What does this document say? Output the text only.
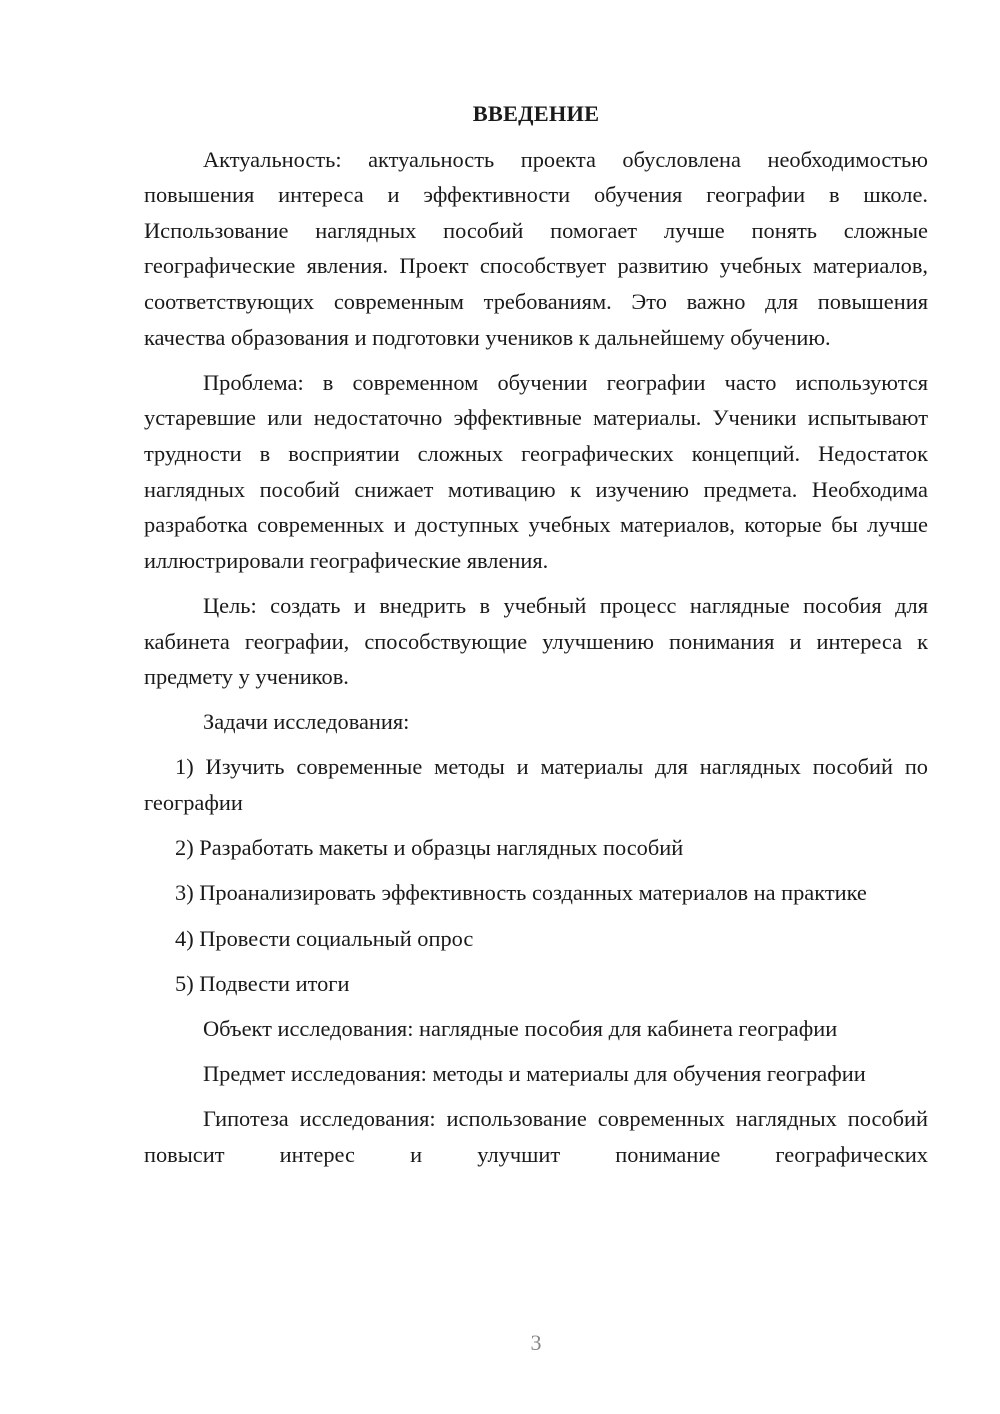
ВВЕДЕНИЕ

Актуальность: актуальность проекта обусловлена необходимостью повышения интереса и эффективности обучения географии в школе. Использование наглядных пособий помогает лучше понять сложные географические явления. Проект способствует развитию учебных материалов, соответствующих современным требованиям. Это важно для повышения качества образования и подготовки учеников к дальнейшему обучению.

Проблема: в современном обучении географии часто используются устаревшие или недостаточно эффективные материалы. Ученики испытывают трудности в восприятии сложных географических концепций. Недостаток наглядных пособий снижает мотивацию к изучению предмета. Необходима разработка современных и доступных учебных материалов, которые бы лучше иллюстрировали географические явления.

Цель: создать и внедрить в учебный процесс наглядные пособия для кабинета географии, способствующие улучшению понимания и интереса к предмету у учеников.

Задачи исследования:

1) Изучить современные методы и материалы для наглядных пособий по географии

2) Разработать макеты и образцы наглядных пособий

3) Проанализировать эффективность созданных материалов на практике

4) Провести социальный опрос

5) Подвести итоги

Объект исследования: наглядные пособия для кабинета географии

Предмет исследования: методы и материалы для обучения географии

Гипотеза исследования: использование современных наглядных пособий повысит интерес и улучшит понимание географических

3
